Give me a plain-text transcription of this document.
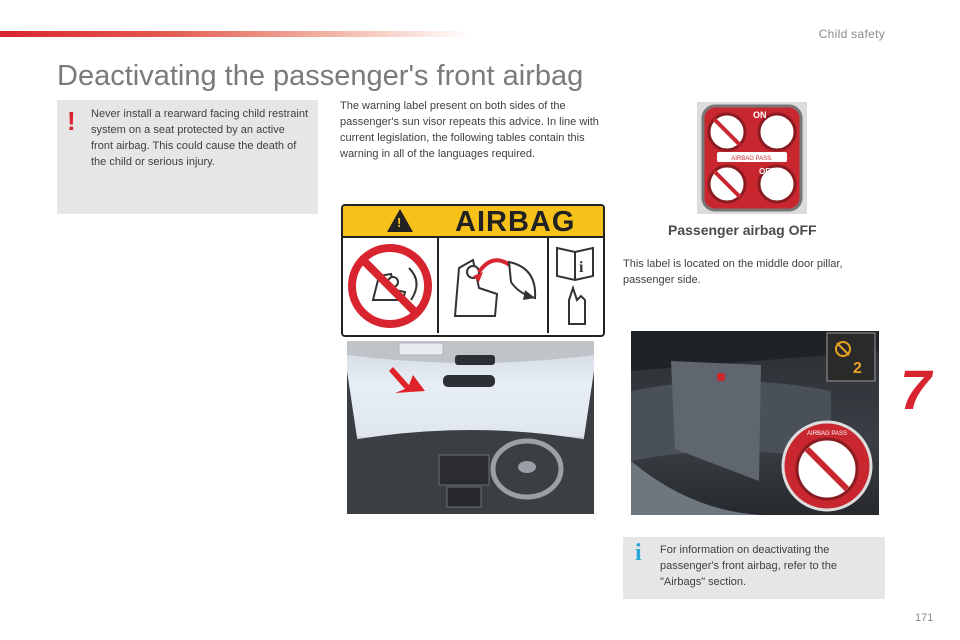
Child safety
Deactivating the passenger's front airbag
! Never install a rearward facing child restraint system on a seat protected by an active front airbag. This could cause the death of the child or serious injury.

The warning label present on both sides of the passenger's sun visor repeats this advice. In line with current legislation, the following tables contain this warning in all of the languages required.

! AIRBAG
i
AIRBAG PASS.
ON
OFF
Passenger airbag OFF

This label is located on the middle door pillar, passenger side.

2
AIRBAG PASS
i For information on deactivating the passenger's front airbag, refer to the "Airbags" section.
7
171
